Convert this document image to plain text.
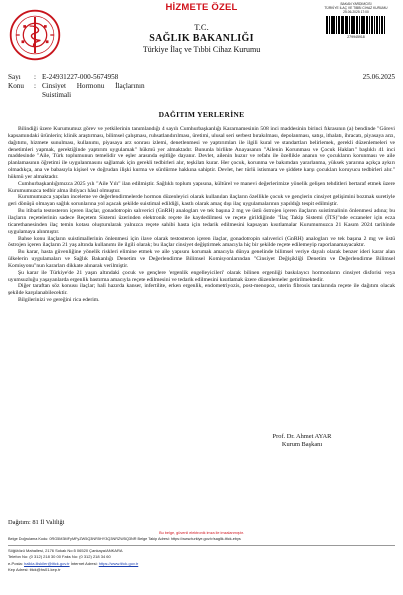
HİZMETE ÖZEL
T.C.
SAĞLIK BAKANLIĞI
Türkiye İlaç ve Tıbbi Cihaz Kurumu
BAKAN YARDIMCISI
TÜRKİYE İLAÇ VE TIBBİ CİHAZ KURUMU
25.06.2025 17:00
279945918
Sayı	: E-24931227-000-5674958	25.06.2025
Konu	: Cinsiyet      Hormonu      İlaçlarının
Suistimali
DAĞITIM YERLERİNE

Bilindiği üzere Kurumumuz görev ve yetkilerinin tanımlandığı 4 sayılı Cumhurbaşkanlığı Kararnamesinin 508 inci maddesinin birinci fıkrasının (a) bendinde "Görevi kapsamındaki ürünlerin; klinik araştırması, bilimsel çalışması, ruhsatlandırılması, üretimi, ulusal seri serbest bırakılması, depolanması, satışı, ithalatı, ihracatı, piyasaya arzı, dağıtımı, hizmete sunulması, kullanımı, piyasaya arz sonrası izlemi, denetlenmesi ve yaptırımları ile ilgili kural ve standartları belirlemek, gerekli düzenlemeleri ve denetimleri yapmak, gerektiğinde yaptırım uygulamak" hükmü yer almaktadır. Bununla birlikte Anayasanın "Ailenin Korunması ve Çocuk Hakları" başlıklı 41 inci maddesinde "Aile, Türk toplumunun temelidir ve eşler arasında eşitliğe dayanır. Devlet, ailenin huzur ve refahı ile özellikle ananın ve çocukların korunması ve aile planlamasının öğretimi ile uygulanmasını sağlamak için gerekli tedbirleri alır, teşkilatı kurar. Her çocuk, korunma ve bakımdan yararlanma, yüksek yararına açıkça aykırı olmadıkça, ana ve babasıyla kişisel ve doğrudan ilişki kurma ve sürdürme hakkına sahiptir. Devlet, her türlü istismara ve şiddete karşı çocukları koruyucu tedbirleri alır." hükmü yer almaktadır.

Cumhurbaşkanlığımızca 2025 yılı "Aile Yılı" ilan edilmiştir. Sağlıklı toplum yapısına, kültürel ve manevi değerlerimize yönelik gelişen tehditleri bertaraf etmek üzere Kurumumuzca tedbir alma ihtiyacı hâsıl olmuştur.

Kurumumuzca yapılan inceleme ve değerlendirmelerde hormon düzenleyici olarak kullanılan ilaçların özellikle çocuk ve gençlerin cinsiyet gelişimini bozmak suretiyle geri dönüşü olmayan sağlık sorunlarına yol açacak şekilde suistimal edildiği, kastlı olarak amaç dışı ilaç uygulamalarının yapıldığı tespit edilmiştir.

Bu itibarla testosteron içeren ilaçlar, gonadotropin salıverici (GnRH) analogları ve tek başına 2 mg ve üstü östrojen içeren ilaçların suistimalinin önlenmesi adına; bu ilaçların reçetelerinin sadece Reçetem Sistemi üzerinden elektronik reçete ile kaydedilmesi ve reçete girildiğinde "İlaç Takip Sistemi (İTS)"nde eczaneler için ecza ticarethanesinden ilaç temin kotası oluşturularak yalnızca reçete sahibi hasta için tedarik edilmesini kapsayan kısıtlamalar Kurumumuzca 21 Kasım 2024 tarihinde uygulamaya alınmıştır.

Bahse konu ilaçların suistimallerinin önlenmesi için ilave olarak testosteron içeren ilaçlar, gonadotropin salıverici (GnRH) analogları ve tek başına 2 mg ve üstü östrojen içeren ilaçların 21 yaş altında kullanımı ile ilgili olarak; bu ilaçlar cinsiyet değiştirmek amacıyla hiç bir şekilde reçete edilemeyip raporlanamayacaktır.

Bu karar, hasta güvenliğine yönelik riskleri elimine etmek ve aile yapısını korumak amacıyla dünya genelinde bilimsel veriye dayalı olarak benzer ideri karar alan ülkelerin uygulamaları ve Sağlık Bakanlığı Denetim ve Değerlendirme Bilimsel Komisyonlarından "Cinsiyet Değişikliği Denetim ve Değerlendirme Bilimsel Komisyonu"nun kararları dikkate alınarak verilmiştir.

Şu karar ile Türkiye'de 21 yaşın altındaki çocuk ve gençlere 'ergenlik engelleyicileri' olarak bilinen ergenliği baskılayıcı hormonların cinsiyet disforisi veya uyumsuzluğu yaşayanlarda ergenlik bastırma amacıyla reçete edilmesini ve tedarik edilmesini kısıtlamak üzere düzenlemeler getirilmektedir.

Diğer taraftan söz konusu ilaçlar; hali hazırda kanser, infertilite, erken ergenlik, endometriyozis, post-menopoz, uterin fibrosis tanılarında reçete ile dağıtım olacak şekilde karşılanabilecektir.

Bilgilerinizi ve gereğini rica ederim.

Prof. Dr. Ahmet AYAR
Kurum Başkanı
Dağıtım: 81 İl Valiliği
Bu belge, güvenli elektronik imza ile imzalanmıştır.
Belge Doğrulama Kodu: 0RG5M3MFyMFyZW5Q3NR5HY3Q3NRZW5Q3NR Belge Takip Adresi: https://www.turkiye.gov.tr/saglik-titck-ebys
Söğütözü Mahallesi, 2176 Sokak No:5 06520 Çankaya/ANKARA
Telefon No: (0 312) 218 30 00 Faks No: (0 312) 218 34 60
e-Posta: halkla.iliskiler@titck.gov.tr İnternet Adresi: https://www.titck.gov.tr
Kep Adresi: titck@hs01.kep.tr
